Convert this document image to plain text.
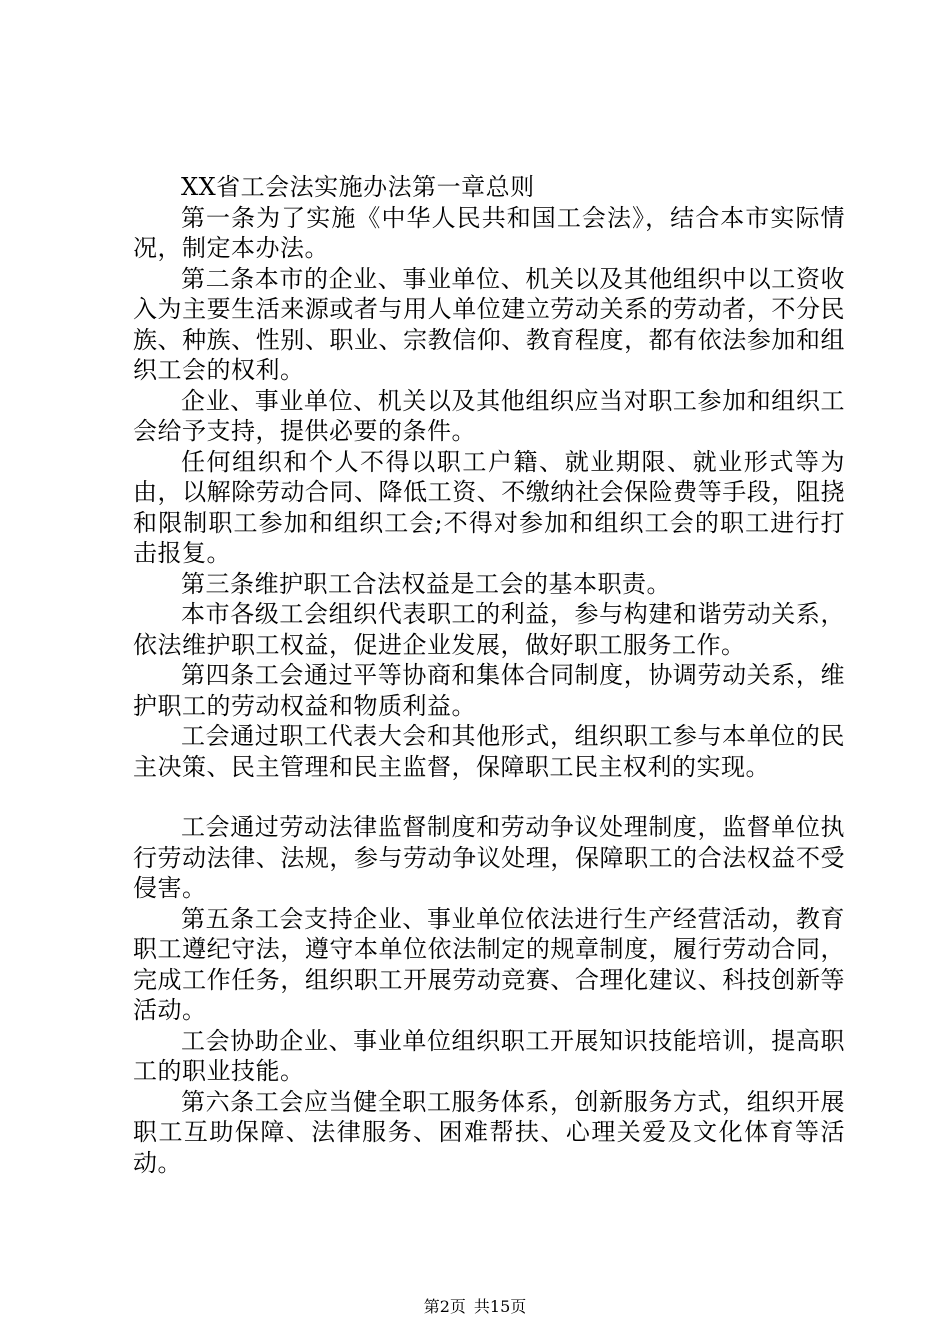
XX省工会法实施办法第一章总则

第一条为了实施《中华人民共和国工会法》，结合本市实际情况，制定本办法。

第二条本市的企业、事业单位、机关以及其他组织中以工资收入为主要生活来源或者与用人单位建立劳动关系的劳动者，不分民族、种族、性别、职业、宗教信仰、教育程度，都有依法参加和组织工会的权利。

企业、事业单位、机关以及其他组织应当对职工参加和组织工会给予支持，提供必要的条件。

任何组织和个人不得以职工户籍、就业期限、就业形式等为由，以解除劳动合同、降低工资、不缴纳社会保险费等手段，阻挠和限制职工参加和组织工会;不得对参加和组织工会的职工进行打击报复。

第三条维护职工合法权益是工会的基本职责。

本市各级工会组织代表职工的利益，参与构建和谐劳动关系，依法维护职工权益，促进企业发展，做好职工服务工作。

第四条工会通过平等协商和集体合同制度，协调劳动关系，维护职工的劳动权益和物质利益。

工会通过职工代表大会和其他形式，组织职工参与本单位的民主决策、民主管理和民主监督，保障职工民主权利的实现。

工会通过劳动法律监督制度和劳动争议处理制度，监督单位执行劳动法律、法规，参与劳动争议处理，保障职工的合法权益不受侵害。

第五条工会支持企业、事业单位依法进行生产经营活动，教育职工遵纪守法，遵守本单位依法制定的规章制度，履行劳动合同，完成工作任务，组织职工开展劳动竞赛、合理化建议、科技创新等活动。

工会协助企业、事业单位组织职工开展知识技能培训，提高职工的职业技能。

第六条工会应当健全职工服务体系，创新服务方式，组织开展职工互助保障、法律服务、困难帮扶、心理关爱及文化体育等活动。

第2页 共15页
